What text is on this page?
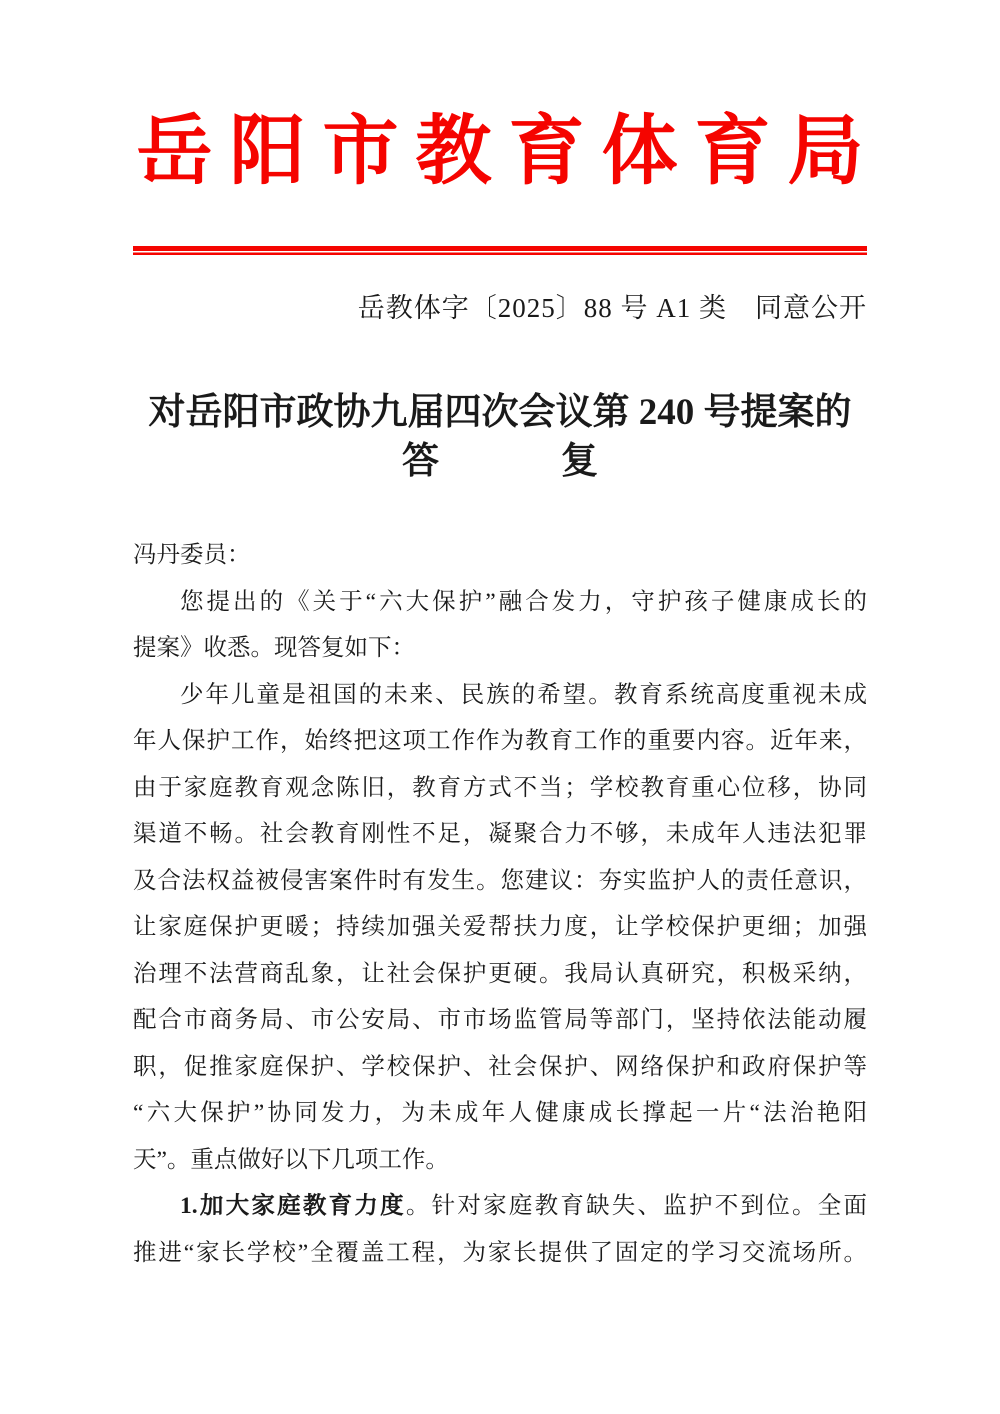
岳阳市教育体育局
岳教体字〔2025〕88 号 A1 类　同意公开
对岳阳市政协九届四次会议第 240 号提案的
答	复

冯丹委员：

您提出的《关于“六大保护”融合发力，守护孩子健康成长的

提案》收悉。现答复如下：

少年儿童是祖国的未来、民族的希望。教育系统高度重视未成

年人保护工作，始终把这项工作作为教育工作的重要内容。近年来，

由于家庭教育观念陈旧，教育方式不当；学校教育重心位移，协同

渠道不畅。社会教育刚性不足，凝聚合力不够，未成年人违法犯罪

及合法权益被侵害案件时有发生。您建议：夯实监护人的责任意识，

让家庭保护更暖；持续加强关爱帮扶力度，让学校保护更细；加强

治理不法营商乱象，让社会保护更硬。我局认真研究，积极采纳，

配合市商务局、市公安局、市市场监管局等部门，坚持依法能动履

职，促推家庭保护、学校保护、社会保护、网络保护和政府保护等

“六大保护”协同发力，为未成年人健康成长撑起一片“法治艳阳

天”。重点做好以下几项工作。

1.加大家庭教育力度。针对家庭教育缺失、监护不到位。全面

推进“家长学校”全覆盖工程，为家长提供了固定的学习交流场所。
